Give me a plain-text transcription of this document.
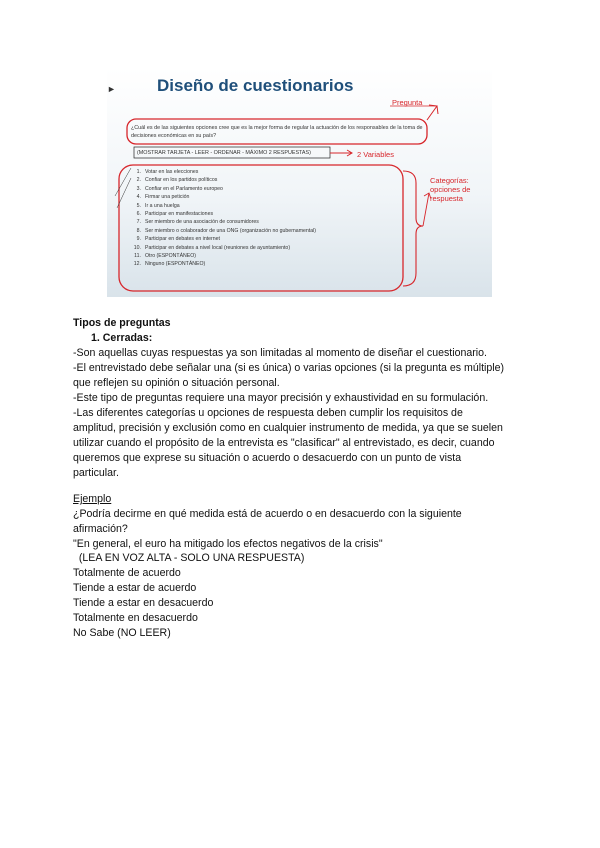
► Diseño de cuestionarios
Pregunta
2 Variables
Categorías: opciones de respuesta
¿Cuál es de las siguientes opciones cree que es la mejor forma de regular la actuación de los responsables de la toma de decisiones económicas en su país?
(MOSTRAR TARJETA - LEER - ORDENAR - MÁXIMO 2 RESPUESTAS)
1. Votar en las elecciones
2. Confiar en los partidos políticos
3. Confiar en el Parlamento europeo
4. Firmar una petición
5. Ir a una huelga
6. Participar en manifestaciones
7. Ser miembro de una asociación de consumidores
8. Ser miembro o colaborador de una ONG (organización no gubernamental)
9. Participar en debates en internet
10. Participar en debates a nivel local (reuniones de ayuntamiento)
11. Otro (ESPONTÁNEO)
12. Ninguno (ESPONTÁNEO)
Tipos de preguntas
1. Cerradas:
-Son aquellas cuyas respuestas ya son limitadas al momento de diseñar el cuestionario.
-El entrevistado debe señalar una (si es única) o varias opciones (si la pregunta es múltiple)
que reflejen su opinión o situación personal.
-Este tipo de preguntas requiere una mayor precisión y exhaustividad en su formulación.
-Las diferentes categorías u opciones de respuesta deben cumplir los requisitos de
amplitud, precisión y exclusión como en cualquier instrumento de medida, ya que se suelen
utilizar cuando el propósito de la entrevista es "clasificar" al entrevistado, es decir, cuando
queremos que exprese su situación o acuerdo o desacuerdo con un punto de vista
particular.
Ejemplo
¿Podría decirme en qué medida está de acuerdo o en desacuerdo con la siguiente
afirmación?
"En general, el euro ha mitigado los efectos negativos de la crisis"
(LEA EN VOZ ALTA - SOLO UNA RESPUESTA)
Totalmente de acuerdo
Tiende a estar de acuerdo
Tiende a estar en desacuerdo
Totalmente en desacuerdo
No Sabe (NO LEER)
